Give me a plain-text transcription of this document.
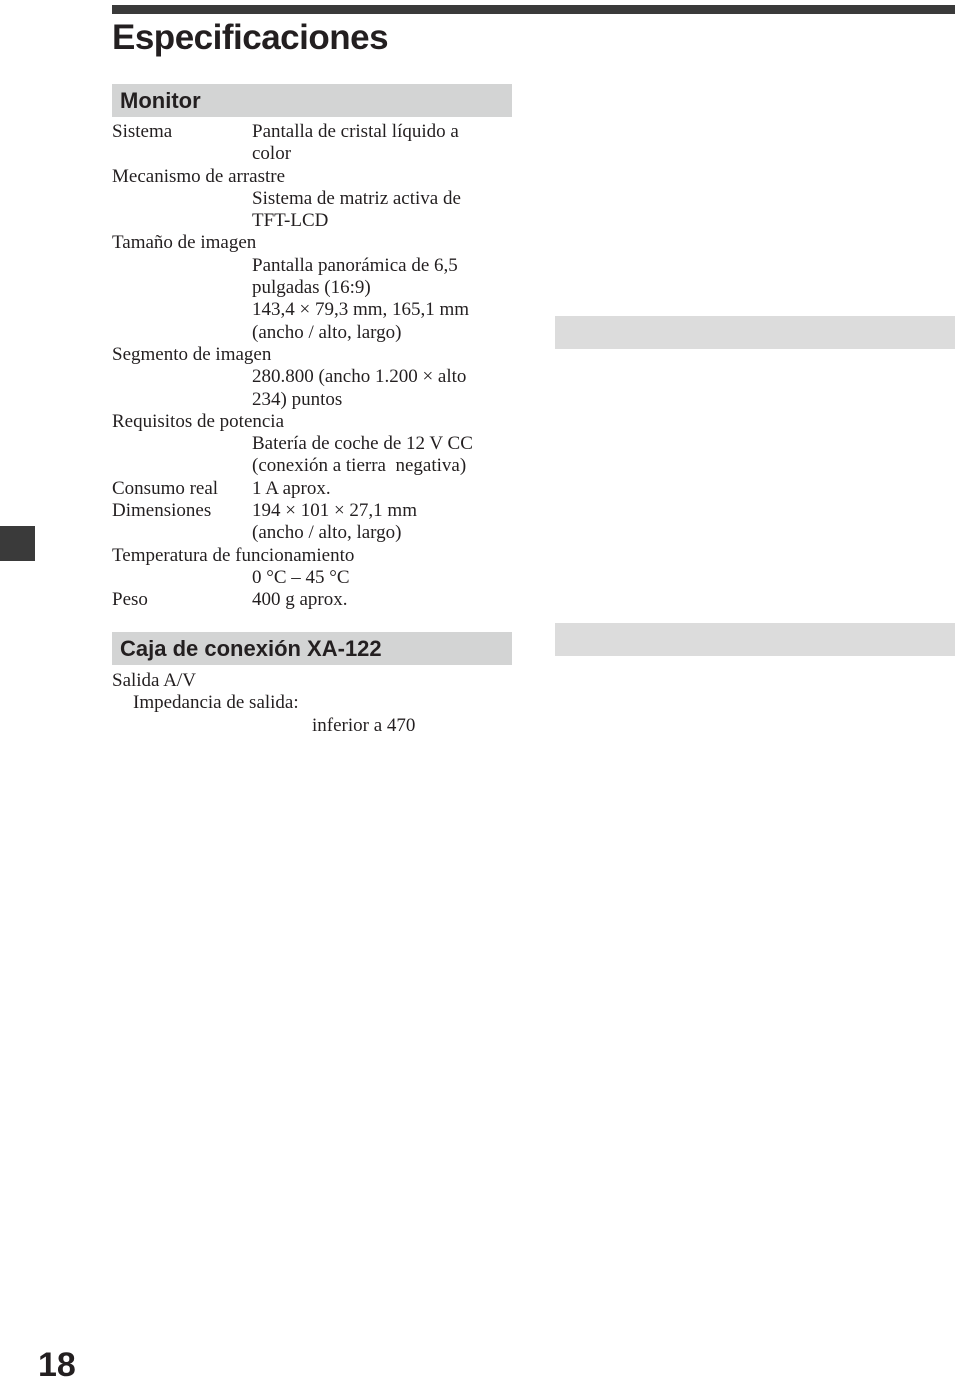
Especificaciones
Monitor
Sistema	Pantalla de cristal líquido a
color
Mecanismo de arrastre
Sistema de matriz activa de
TFT-LCD
Tamaño de imagen
Pantalla panorámica de 6,5
pulgadas (16:9)
143,4 × 79,3 mm, 165,1 mm
(ancho / alto, largo)
Segmento de imagen
280.800 (ancho 1.200 × alto
234) puntos
Requisitos de potencia
Batería de coche de 12 V CC
(conexión a tierra  negativa)
Consumo real 1 A aprox.
Dimensiones 194 × 101 × 27,1 mm
(ancho / alto, largo)
Temperatura de funcionamiento
0 °C – 45 °C
Peso	400 g aprox.
Caja de conexión XA-122
Salida A/V
Impedancia de salida:
inferior a 470
18
